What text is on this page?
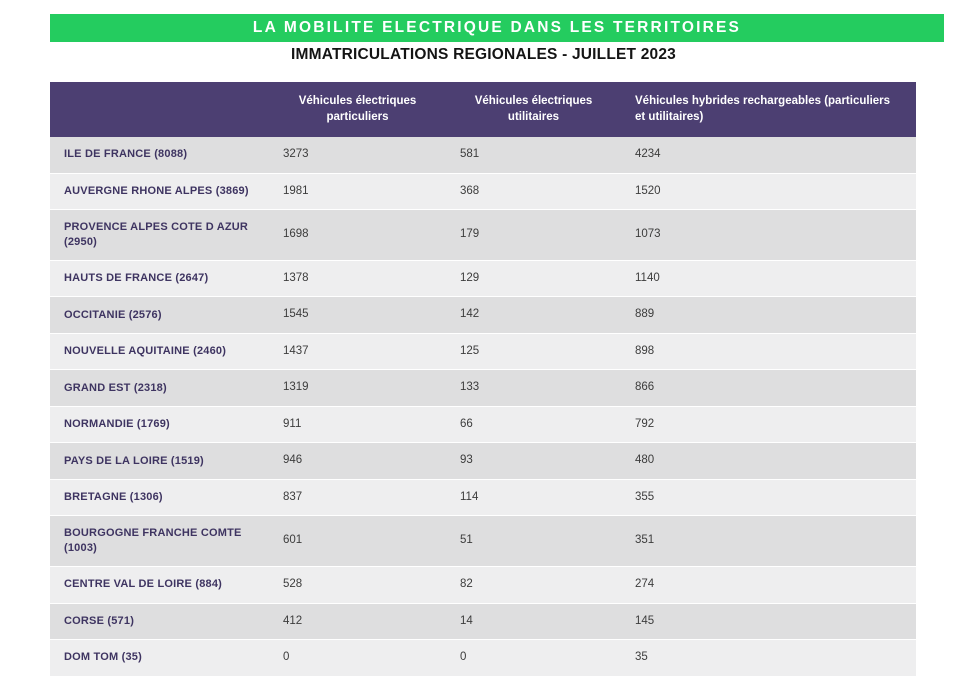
LA MOBILITE ELECTRIQUE DANS LES TERRITOIRES
IMMATRICULATIONS REGIONALES - JUILLET 2023
	Véhicules électriques particuliers	Véhicules électriques utilitaires	Véhicules hybrides rechargeables (particuliers et utilitaires)
ILE DE FRANCE (8088)	3273	581	4234
AUVERGNE RHONE ALPES (3869)	1981	368	1520
PROVENCE ALPES COTE D AZUR (2950)	1698	179	1073
HAUTS DE FRANCE (2647)	1378	129	1140
OCCITANIE (2576)	1545	142	889
NOUVELLE AQUITAINE (2460)	1437	125	898
GRAND EST (2318)	1319	133	866
NORMANDIE (1769)	911	66	792
PAYS DE LA LOIRE (1519)	946	93	480
BRETAGNE (1306)	837	114	355
BOURGOGNE FRANCHE COMTE (1003)	601	51	351
CENTRE VAL DE LOIRE (884)	528	82	274
CORSE (571)	412	14	145
DOM TOM (35)	0	0	35
